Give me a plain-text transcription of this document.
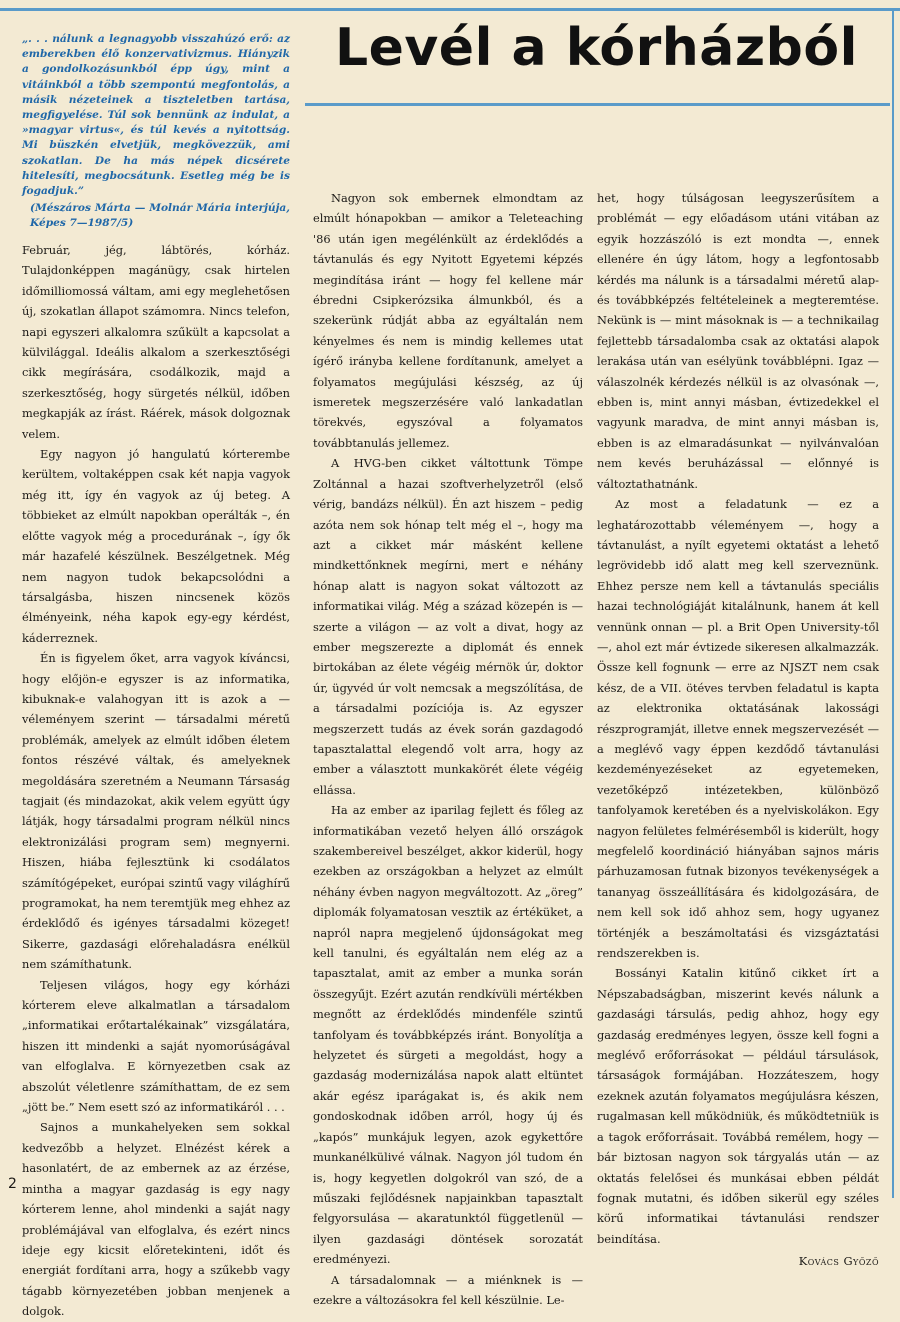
„. . . nálunk a legnagyobb visszahúzó erő: az emberekben élő konzervativizmus. Hiányzik a gondolkozásunkból épp úgy, mint a vitáinkból a több szempontú megfontolás, a másik nézeteinek a tiszteletben tartása, megfigyelése. Túl sok bennünk az indulat, a »magyar virtus«, és túl kevés a nyitottság. Mi büszkén elvetjük, megkövezzük, ami szokatlan. De ha más népek dicsérete hitelesíti, megbocsátunk. Esetleg még be is fogadjuk.”

(Mészáros Márta — Molnár Mária interjúja, Képes 7—1987/5)

Levél a kórházból

Február, jég, lábtörés, kórház. Tulajdonképpen magánügy, csak hirtelen időmilliomossá váltam, ami egy meglehetősen új, szokatlan állapot számomra. Nincs telefon, napi egyszeri alkalomra szűkült a kapcsolat a külvilággal. Ideális alkalom a szerkesztőségi cikk megírására, csodálkozik, majd a szerkesztőség, hogy sürgetés nélkül, időben megkapják az írást. Ráérek, mások dolgoznak velem.

Egy nagyon jó hangulatú kórterembe kerültem, voltaképpen csak két napja vagyok még itt, így én vagyok az új beteg. A többieket az elmúlt napokban operálták –, én előtte vagyok még a procedurának –, így ők már hazafelé készülnek. Beszélgetnek. Még nem nagyon tudok bekapcsolódni a társalgásba, hiszen nincsenek közös élményeink, néha kapok egy-egy kérdést, káderreznek.

Én is figyelem őket, arra vagyok kíváncsi, hogy előjön-e egyszer is az informatika, kibuknak-e valahogyan itt is azok a — véleményem szerint — társadalmi méretű problémák, amelyek az elmúlt időben életem fontos részévé váltak, és amelyeknek megoldására szeretném a Neumann Társaság tagjait (és mindazokat, akik velem együtt úgy látják, hogy társadalmi program nélkül nincs elektronizálási program sem) megnyerni. Hiszen, hiába fejlesztünk ki csodálatos számítógépeket, európai szintű vagy világhírű programokat, ha nem teremtjük meg ehhez az érdeklődő és igényes társadalmi közeget! Sikerre, gazdasági előrehaladásra enélkül nem számíthatunk.

Teljesen világos, hogy egy kórházi kórterem eleve alkalmatlan a társadalom „informatikai erőtartalékainak” vizsgálatára, hiszen itt mindenki a saját nyomorúságával van elfoglalva. E környezetben csak az abszolút véletlenre számíthattam, de ez sem „jött be.” Nem esett szó az informatikáról . . .

Sajnos a munkahelyeken sem sokkal kedvezőbb a helyzet. Elnézést kérek a hasonlatért, de az embernek az az érzése, mintha a magyar gazdaság is egy nagy kórterem lenne, ahol mindenki a saját nagy problémájával van elfoglalva, és ezért nincs ideje egy kicsit előretekinteni, időt és energiát fordítani arra, hogy a szűkebb vagy tágabb környezetében jobban menjenek a dolgok.

Nagyon sok embernek elmondtam az elmúlt hónapokban — amikor a Teleteaching '86 után igen megélénkült az érdeklődés a távtanulás és egy Nyitott Egyetemi képzés megindítása iránt — hogy fel kellene már ébredni Csipkerózsika álmunkból, és a szekerünk rúdját abba az egyáltalán nem kényelmes és nem is mindig kellemes utat ígérő irányba kellene fordítanunk, amelyet a folyamatos megújulási készség, az új ismeretek megszerzésére való lankadatlan törekvés, egyszóval a folyamatos továbbtanulás jellemez.

A HVG-ben cikket váltottunk Tömpe Zoltánnal a hazai szoftverhelyzetről (első vérig, bandázs nélkül). Én azt hiszem – pedig azóta nem sok hónap telt még el –, hogy ma azt a cikket már másként kellene mindkettőnknek megírni, mert e néhány hónap alatt is nagyon sokat változott az informatikai világ. Még a század közepén is — szerte a világon — az volt a divat, hogy az ember megszerezte a diplomát és ennek birtokában az élete végéig mérnök úr, doktor úr, ügyvéd úr volt nemcsak a megszólítása, de a társadalmi pozíciója is. Az egyszer megszerzett tudás az évek során gazdagodó tapasztalattal elegendő volt arra, hogy az ember a választott munkakörét élete végéig ellássa.

Ha az ember az iparilag fejlett és főleg az informatikában vezető helyen álló országok szakembereivel beszélget, akkor kiderül, hogy ezekben az országokban a helyzet az elmúlt néhány évben nagyon megváltozott. Az „öreg” diplomák folyamatosan vesztik az értéküket, a napról napra megjelenő újdonságokat meg kell tanulni, és egyáltalán nem elég az a tapasztalat, amit az ember a munka során összegyűjt. Ezért azután rendkívüli mértékben megnőtt az érdeklődés mindenféle szintű tanfolyam és továbbképzés iránt. Bonyolítja a helyzetet és sürgeti a megoldást, hogy a gazdaság modernizálása napok alatt eltüntet akár egész iparágakat is, és akik nem gondoskodnak időben arról, hogy új és „kapós” munkájuk legyen, azok egykettőre munkanélkülivé válnak. Nagyon jól tudom én is, hogy kegyetlen dolgokról van szó, de a műszaki fejlődésnek napjainkban tapasztalt felgyorsulása — akaratunktól függetlenül — ilyen gazdasági döntések sorozatát eredményezi.

A társadalomnak — a miénknek is — ezekre a változásokra fel kell készülnie. Le-

het, hogy túlságosan leegyszerűsítem a problémát — egy előadásom utáni vitában az egyik hozzászóló is ezt mondta —, ennek ellenére én úgy látom, hogy a legfontosabb kérdés ma nálunk is a társadalmi méretű alap- és továbbképzés feltételeinek a megteremtése. Nekünk is — mint másoknak is — a technikailag fejlettebb társadalomba csak az oktatási alapok lerakása után van esélyünk továbblépni. Igaz — válaszolnék kérdezés nélkül is az olvasónak —, ebben is, mint annyi másban, évtizedekkel el vagyunk maradva, de mint annyi másban is, ebben is az elmaradásunkat — nyilvánvalóan nem kevés beruházással — előnnyé is változtathatnánk.

Az most a feladatunk — ez a leghatározottabb véleményem —, hogy a távtanulást, a nyílt egyetemi oktatást a lehető legrövidebb idő alatt meg kell szerveznünk. Ehhez persze nem kell a távtanulás speciális hazai technológiáját kitalálnunk, hanem át kell vennünk onnan — pl. a Brit Open University-től —, ahol ezt már évtizede sikeresen alkalmazzák. Össze kell fognunk — erre az NJSZT nem csak kész, de a VII. ötéves tervben feladatul is kapta az elektronika oktatásának lakossági részprogramját, illetve ennek megszervezését — a meglévő vagy éppen kezdődő távtanulási kezdeményezéseket az egyetemeken, vezetőképző intézetekben, különböző tanfolyamok keretében és a nyelviskolákon. Egy nagyon felületes felmérésemből is kiderült, hogy megfelelő koordináció hiányában sajnos máris párhuzamosan futnak bizonyos tevékenységek a tananyag összeállítására és kidolgozására, de nem kell sok idő ahhoz sem, hogy ugyanez történjék a beszámoltatási és vizsgáztatási rendszerekben is.

Bossányi Katalin kitűnő cikket írt a Népszabadságban, miszerint kevés nálunk a gazdasági társulás, pedig ahhoz, hogy egy gazdaság eredményes legyen, össze kell fogni a meglévő erőforrásokat — például társulások, társaságok formájában. Hozzáteszem, hogy ezeknek azután folyamatos megújulásra készen, rugalmasan kell működniük, és működtetniük is a tagok erőforrásait. Továbbá remélem, hogy — bár biztosan nagyon sok tárgyalás után — az oktatás felelősei és munkásai ebben példát fognak mutatni, és időben sikerül egy széles körű informatikai távtanulási rendszer beindítása.

Kovács Győző

2
